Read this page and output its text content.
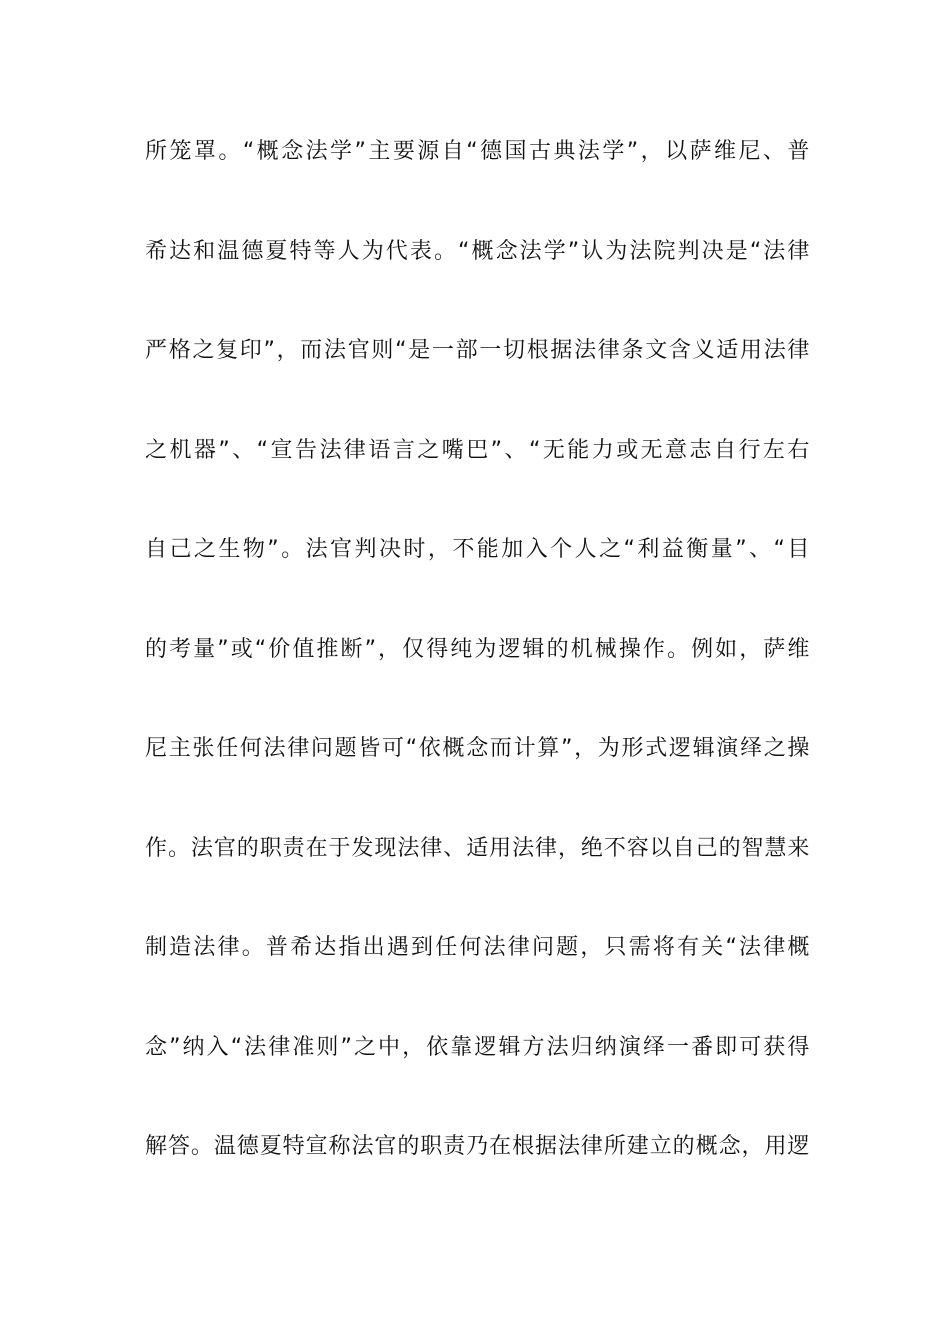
所笼罩。“概念法学”主要源自“德国古典法学”，以萨维尼、普
希达和温德夏特等人为代表。“概念法学”认为法院判决是“法律
严格之复印”，而法官则“是一部一切根据法律条文含义适用法律
之机器”、“宣告法律语言之嘴巴”、“无能力或无意志自行左右
自己之生物”。法官判决时，不能加入个人之“利益衡量”、“目
的考量”或“价值推断”，仅得纯为逻辑的机械操作。例如，萨维
尼主张任何法律问题皆可“依概念而计算”，为形式逻辑演绎之操
作。法官的职责在于发现法律、适用法律，绝不容以自己的智慧来
制造法律。普希达指出遇到任何法律问题，只需将有关“法律概
念”纳入“法律准则”之中，依靠逻辑方法归纳演绎一番即可获得
解答。温德夏特宣称法官的职责乃在根据法律所建立的概念，用逻
